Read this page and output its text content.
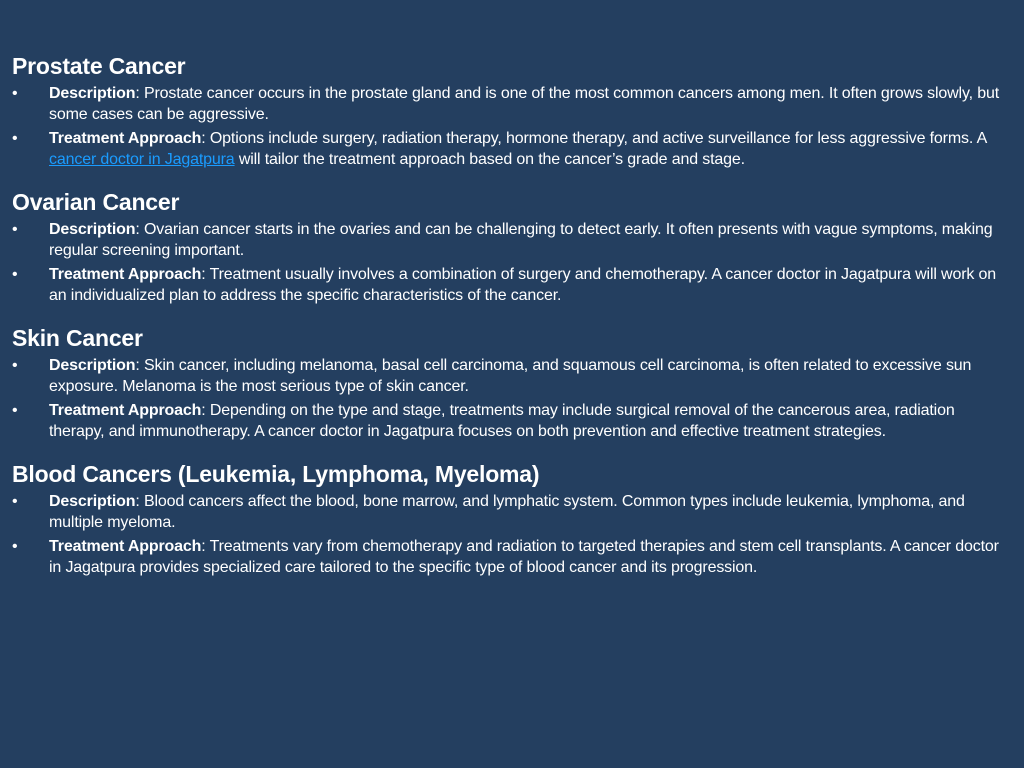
Prostate Cancer
• Description: Prostate cancer occurs in the prostate gland and is one of the most common cancers among men. It often grows slowly, but some cases can be aggressive.
• Treatment Approach: Options include surgery, radiation therapy, hormone therapy, and active surveillance for less aggressive forms. A cancer doctor in Jagatpura will tailor the treatment approach based on the cancer’s grade and stage.
Ovarian Cancer
• Description: Ovarian cancer starts in the ovaries and can be challenging to detect early. It often presents with vague symptoms, making regular screening important.
• Treatment Approach: Treatment usually involves a combination of surgery and chemotherapy. A cancer doctor in Jagatpura will work on an individualized plan to address the specific characteristics of the cancer.
Skin Cancer
• Description: Skin cancer, including melanoma, basal cell carcinoma, and squamous cell carcinoma, is often related to excessive sun exposure. Melanoma is the most serious type of skin cancer.
• Treatment Approach: Depending on the type and stage, treatments may include surgical removal of the cancerous area, radiation therapy, and immunotherapy. A cancer doctor in Jagatpura focuses on both prevention and effective treatment strategies.
Blood Cancers (Leukemia, Lymphoma, Myeloma)
• Description: Blood cancers affect the blood, bone marrow, and lymphatic system. Common types include leukemia, lymphoma, and multiple myeloma.
• Treatment Approach: Treatments vary from chemotherapy and radiation to targeted therapies and stem cell transplants. A cancer doctor in Jagatpura provides specialized care tailored to the specific type of blood cancer and its progression.
